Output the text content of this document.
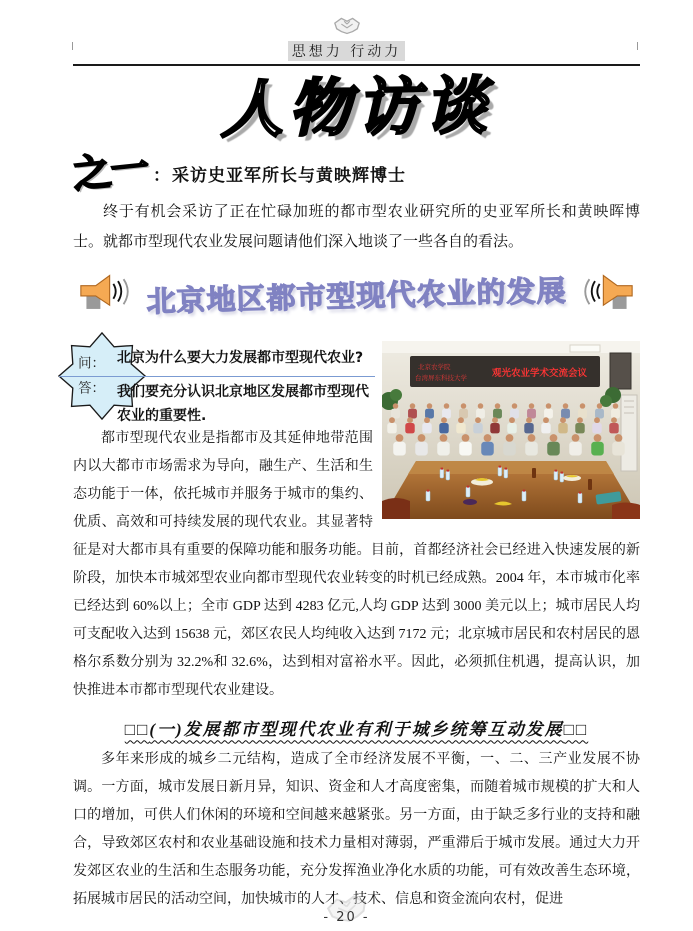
思想力 行动力
人物访谈
之一 ： 采访史亚军所长与黄映辉博士

终于有机会采访了正在忙碌加班的都市型农业研究所的史亚军所长和黄映晖博士。就都市型现代农业发展问题请他们深入地谈了一些各自的看法。

北京地区都市型现代农业的发展
北京农学院
台湾屏东科技大学	观光农业学术交流会议
问：
答：
北京为什么要大力发展都市型现代农业?
我们要充分认识北京地区发展都市型现代农业的重要性.

都市型现代农业是指都市及其延伸地带范围内以大都市市场需求为导向，融生产、生活和生态功能于一体，依托城市并服务于城市的集约、优质、高效和可持续发展的现代农业。其显著特征是对大都市具有重要的保障功能和服务功能。目前，首都经济社会已经进入快速发展的新阶段，加快本市城郊型农业向都市型现代农业转变的时机已经成熟。2004 年，本市城市化率已经达到 60%以上；全市 GDP 达到 4283 亿元,人均 GDP 达到 3000 美元以上；城市居民人均可支配收入达到 15638 元，郊区农民人均纯收入达到 7172 元；北京城市居民和农村居民的恩格尔系数分别为 32.2%和 32.6%，达到相对富裕水平。因此，必须抓住机遇，提高认识，加快推进本市都市型现代农业建设。

□□(一)发展都市型现代农业有利于城乡统筹互动发展□□

多年来形成的城乡二元结构，造成了全市经济发展不平衡，一、二、三产业发展不协调。一方面，城市发展日新月异，知识、资金和人才高度密集，而随着城市规模的扩大和人口的增加，可供人们休闲的环境和空间越来越紧张。另一方面，由于缺乏多行业的支持和融合，导致郊区农村和农业基础设施和技术力量相对薄弱，严重滞后于城市发展。通过大力开发郊区农业的生活和生态服务功能，充分发挥渔业净化水质的功能，可有效改善生态环境，拓展城市居民的活动空间，加快城市的人才、技术、信息和资金流向农村，促进

- 20 -
